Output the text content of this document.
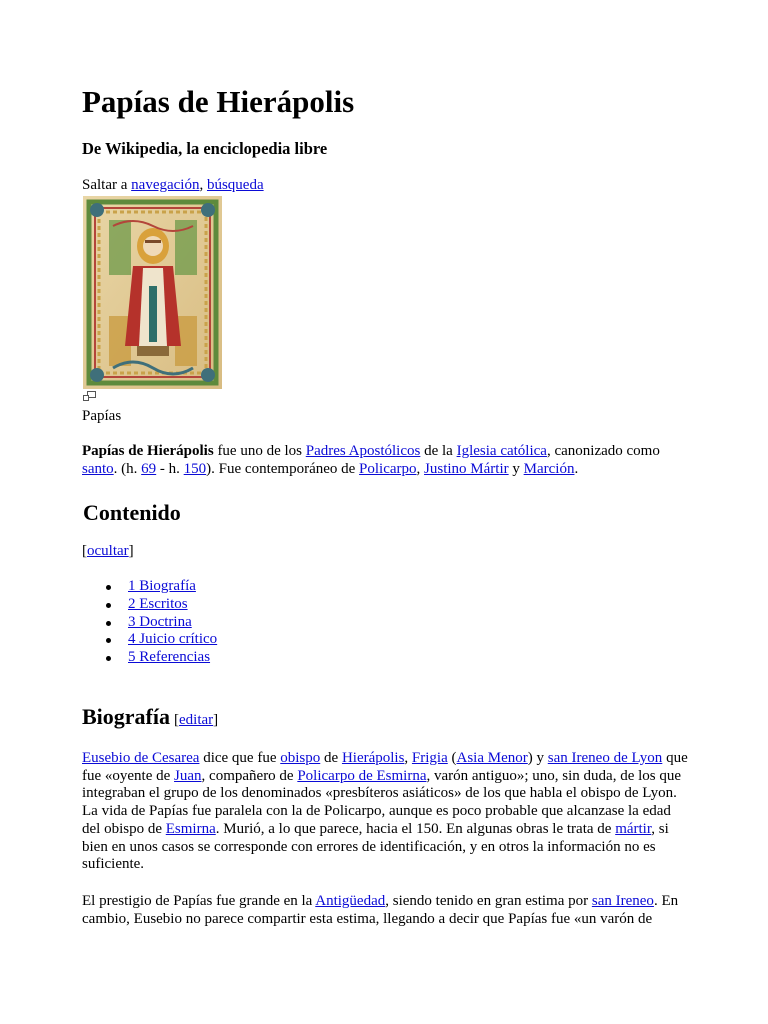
Papías de Hierápolis
De Wikipedia, la enciclopedia libre
Saltar a navegación, búsqueda
Papías
Papías de Hierápolis fue uno de los Padres Apostólicos de la Iglesia católica, canonizado como santo. (h. 69 - h. 150). Fue contemporáneo de Policarpo, Justino Mártir y Marción.
Contenido
[ocultar]
1 Biografía
2 Escritos
3 Doctrina
4 Juicio crítico
5 Referencias
Biografía [editar]
Eusebio de Cesarea dice que fue obispo de Hierápolis, Frigia (Asia Menor) y san Ireneo de Lyon que fue «oyente de Juan, compañero de Policarpo de Esmirna, varón antiguo»; uno, sin duda, de los que integraban el grupo de los denominados «presbíteros asiáticos» de los que habla el obispo de Lyon. La vida de Papías fue paralela con la de Policarpo, aunque es poco probable que alcanzase la edad del obispo de Esmirna. Murió, a lo que parece, hacia el 150. En algunas obras le trata de mártir, si bien en unos casos se corresponde con errores de identificación, y en otros la información no es suficiente.
El prestigio de Papías fue grande en la Antigüedad, siendo tenido en gran estima por san Ireneo. En cambio, Eusebio no parece compartir esta estima, llegando a decir que Papías fue «un varón de
